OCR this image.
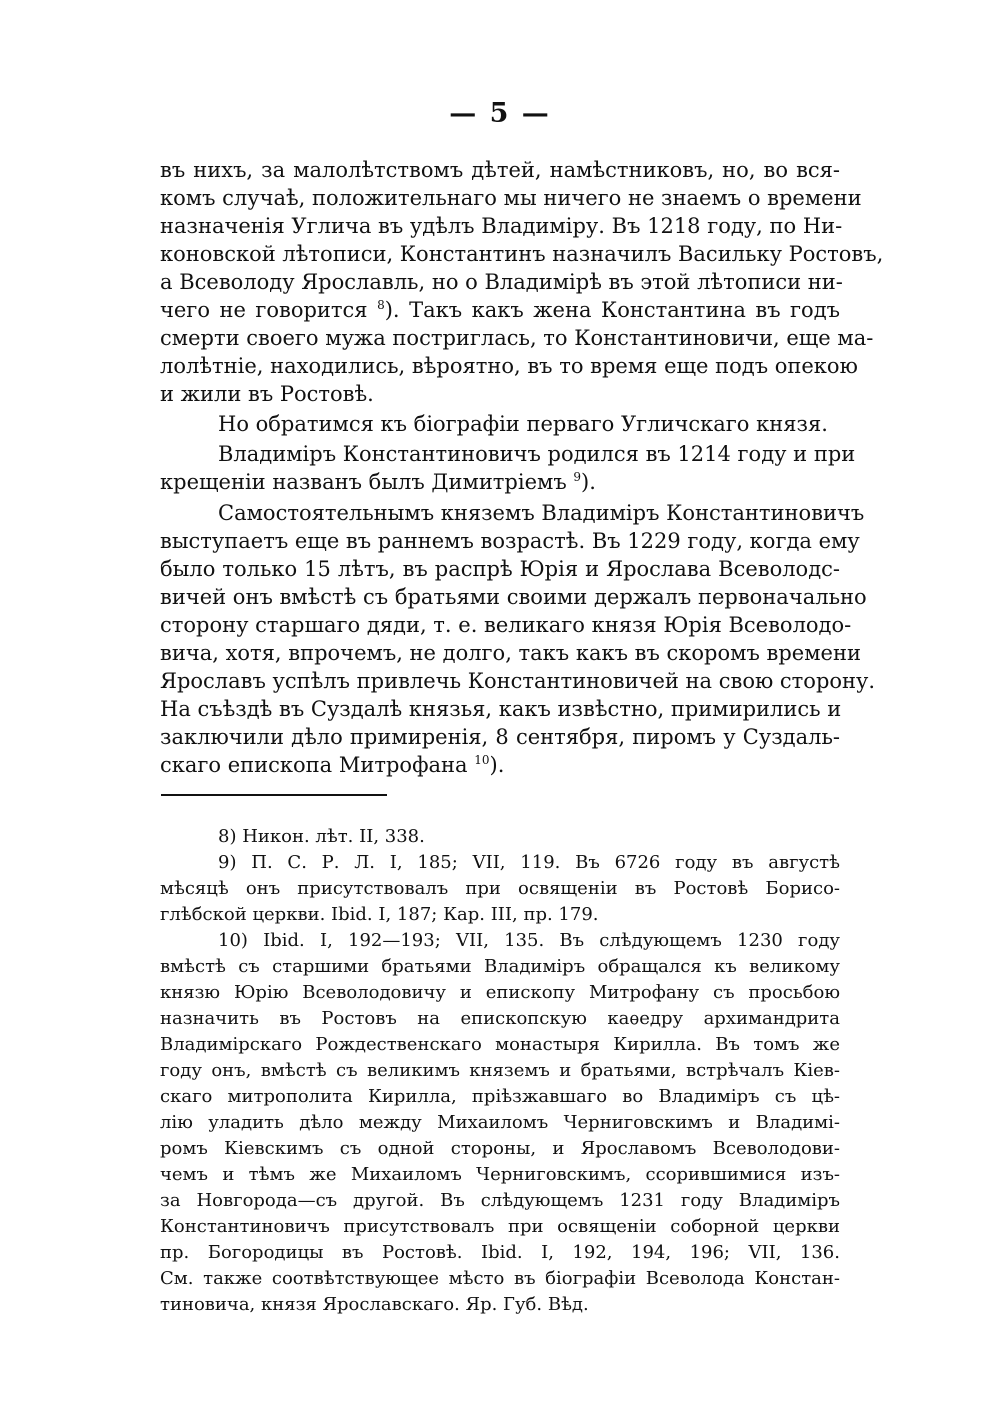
— 5 —
въ нихъ, за малолѣтствомъ дѣтей, намѣстниковъ, но, во вся-
комъ случаѣ, положительнаго мы ничего не знаемъ о времени
назначенія Углича въ удѣлъ Владиміру. Въ 1218 году, по Ни-
коновской лѣтописи, Константинъ назначилъ Васильку Ростовъ,
а Всеволоду Ярославль, но о Владимірѣ въ этой лѣтописи ни-
чего не говорится $^8$). Такъ какъ жена Константина въ годъ
смерти своего мужа постриглась, то Константиновичи, еще ма-
лолѣтніе, находились, вѣроятно, въ то время еще подъ опекою
и жили въ Ростовѣ.
Но обратимся къ біографіи перваго Угличскаго князя.
Владиміръ Константиновичъ родился въ 1214 году и при
крещеніи названъ былъ Димитріемъ $^9$).
Самостоятельнымъ княземъ Владиміръ Константиновичъ
выступаетъ еще въ раннемъ возрастѣ. Въ 1229 году, когда ему
было только 15 лѣтъ, въ распрѣ Юрія и Ярослава Всеволодс-
вичей онъ вмѣстѣ съ братьями своими держалъ первоначально
сторону старшаго дяди, т. е. великаго князя Юрія Всеволодо-
вича, хотя, впрочемъ, не долго, такъ какъ въ скоромъ времени
Ярославъ успѣлъ привлечь Константиновичей на свою сторону.
На съѣздѣ въ Суздалѣ князья, какъ извѣстно, примирились и
заключили дѣло примиренія, 8 сентября, пиромъ у Суздаль-
скаго епископа Митрофана $^{10}$).
8) Никон. лѣт. II, 338.
9) П. С. Р. Л. I, 185; VII, 119. Въ 6726 году въ августѣ
мѣсяцѣ онъ присутствовалъ при освященіи въ Ростовѣ Борисо-
глѣбской церкви. Ibid. I, 187; Кар. III, пр. 179.
10) Ibid. I, 192—193; VII, 135. Въ слѣдующемъ 1230 году
вмѣстѣ съ старшими братьями Владиміръ обращался къ великому
князю Юрію Всеволодовичу и епископу Митрофану съ просьбою
назначить въ Ростовъ на епископскую каѳедру архимандрита
Владимірскаго Рождественскаго монастыря Кирилла. Въ томъ же
году онъ, вмѣстѣ съ великимъ княземъ и братьями, встрѣчалъ Кіев-
скаго митрополита Кирилла, пріѣзжавшаго во Владиміръ съ цѣ-
лію уладить дѣло между Михаиломъ Черниговскимъ и Владимі-
ромъ Кіевскимъ съ одной стороны, и Ярославомъ Всеволодови-
чемъ и тѣмъ же Михаиломъ Черниговскимъ, ссорившимися изъ-
за Новгорода—съ другой. Въ слѣдующемъ 1231 году Владиміръ
Константиновичъ присутствовалъ при освященіи соборной церкви
пр. Богородицы въ Ростовѣ. Ibid. I, 192, 194, 196; VII, 136.
См. также соотвѣтствующее мѣсто въ біографіи Всеволода Констан-
тиновича, князя Ярославскаго. Яр. Губ. Вѣд.
